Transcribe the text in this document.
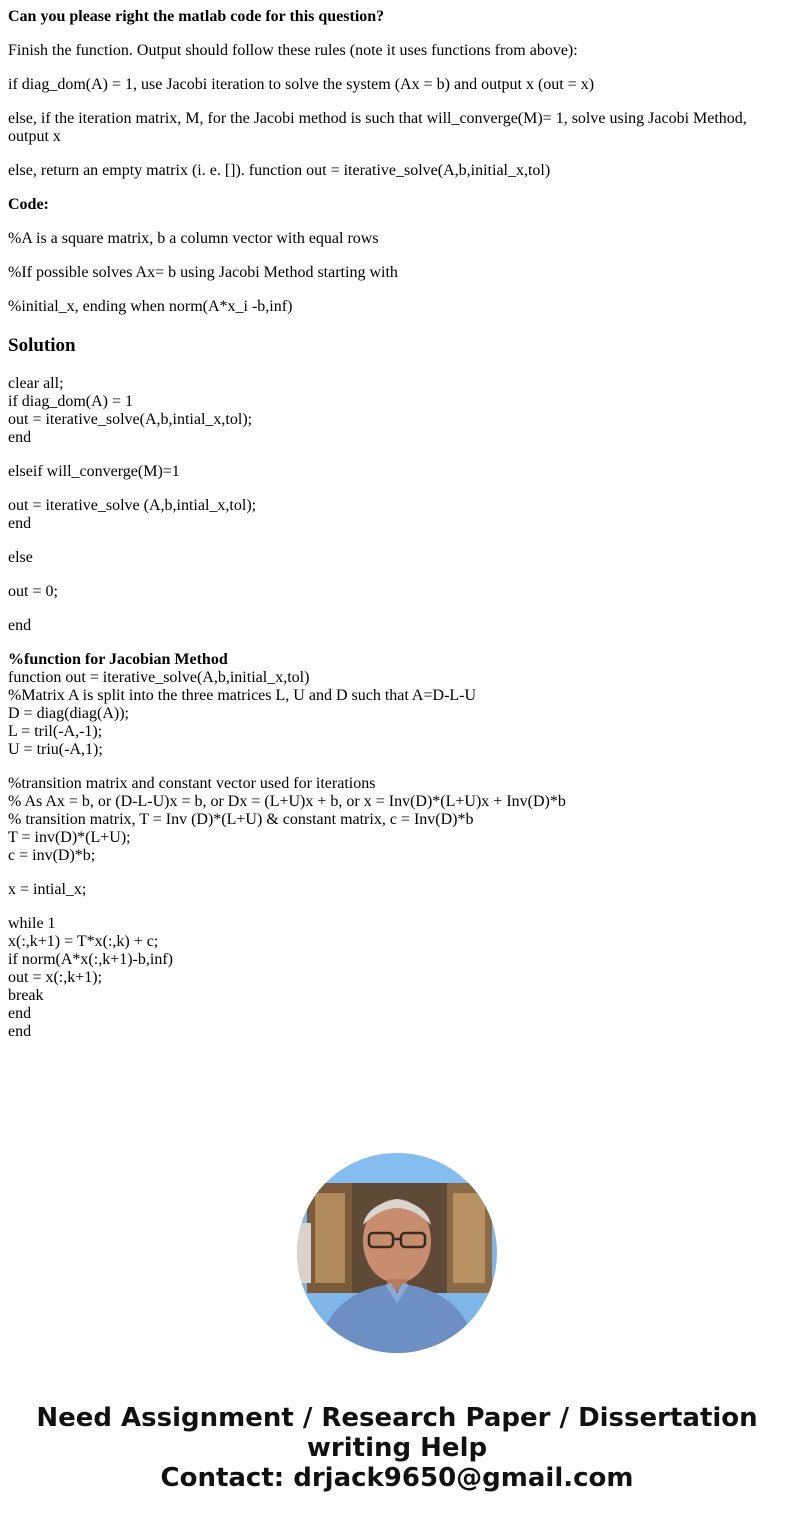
Can you please right the matlab code for this question?

Finish the function. Output should follow these rules (note it uses functions from above):

if diag_dom(A) = 1, use Jacobi iteration to solve the system (Ax = b) and output x (out = x)

else, if the iteration matrix, M, for the Jacobi method is such that will_converge(M)= 1, solve using Jacobi Method, output x

else, return an empty matrix (i. e. []). function out = iterative_solve(A,b,initial_x,tol)

Code:

%A is a square matrix, b a column vector with equal rows

%If possible solves Ax= b using Jacobi Method starting with

%initial_x, ending when norm(A*x_i -b,inf)

Solution
clear all;
if diag_dom(A) = 1
out = iterative_solve(A,b,intial_x,tol);
end
elseif will_converge(M)=1
out = iterative_solve (A,b,intial_x,tol);
end
else
out = 0;
end
%function for Jacobian Method
function out = iterative_solve(A,b,initial_x,tol)
%Matrix A is split into the three matrices L, U and D such that A=D-L-U
D = diag(diag(A));
L = tril(-A,-1);
U = triu(-A,1);
%transition matrix and constant vector used for iterations
% As Ax = b, or (D-L-U)x = b, or Dx = (L+U)x + b, or x = Inv(D)*(L+U)x + Inv(D)*b
% transition matrix, T = Inv (D)*(L+U) & constant matrix, c = Inv(D)*b
T = inv(D)*(L+U);
c = inv(D)*b;
x = intial_x;
while 1
x(:,k+1) = T*x(:,k) + c;
if norm(A*x(:,k+1)-b,inf)
out = x(:,k+1);
break
end
end
Need Assignment / Research Paper / Dissertation
writing Help
Contact: drjack9650@gmail.com
